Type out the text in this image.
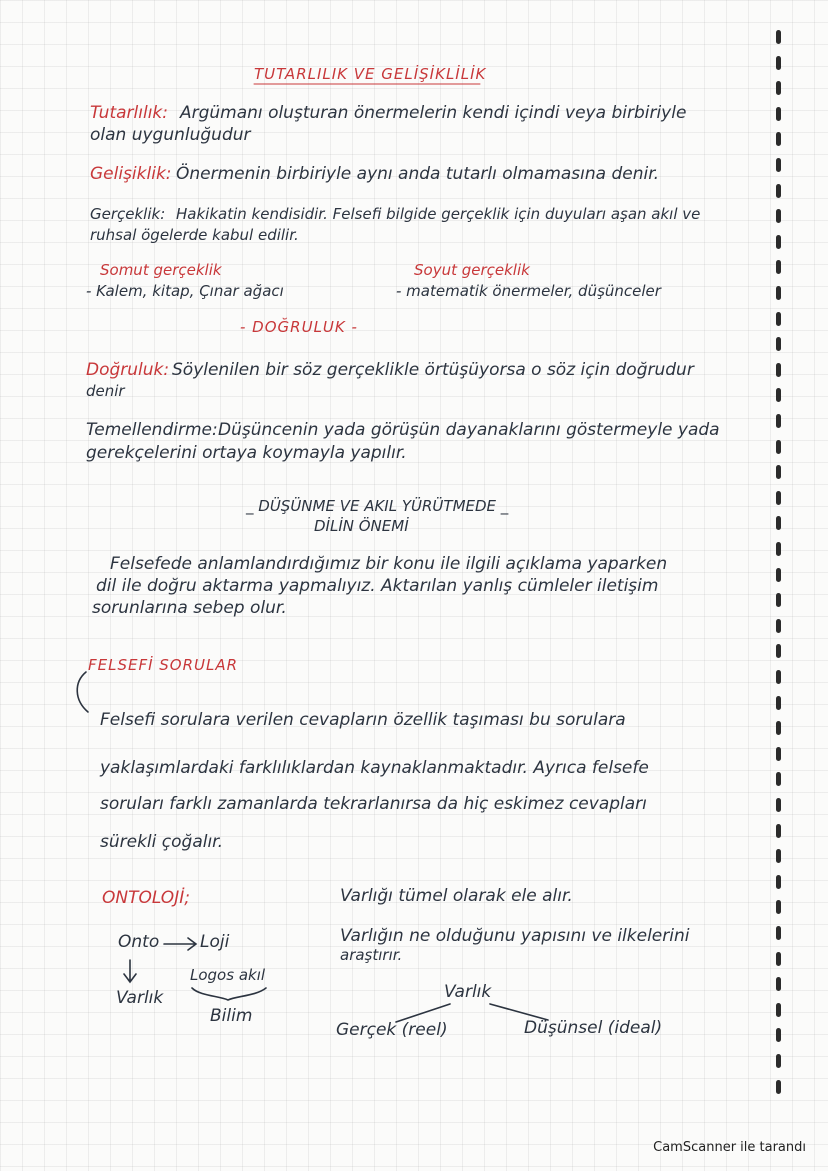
TUTARLILIK VE GELİŞİKLİLİK
Tutarlılık: Argümanı oluşturan önermelerin kendi içindi veya birbiriyle
olan uygunluğudur
Gelişiklik: Önermenin birbiriyle aynı anda tutarlı olmamasına denir.
Gerçeklik: Hakikatin kendisidir. Felsefi bilgide gerçeklik için duyuları aşan akıl ve
ruhsal ögelerde kabul edilir.
Somut gerçeklik
- Kalem, kitap, Çınar ağacı
Soyut gerçeklik
- matematik önermeler, düşünceler
- DOĞRULUK -
Doğruluk: Söylenilen bir söz gerçeklikle örtüşüyorsa o söz için doğrudur
denir
Temellendirme: Düşüncenin yada görüşün dayanaklarını göstermeyle yada
gerekçelerini ortaya koymayla yapılır.
_ DÜŞÜNME VE AKIL YÜRÜTMEDE _
DİLİN ÖNEMİ
Felsefede anlamlandırdığımız bir konu ile ilgili açıklama yaparken
dil ile doğru aktarma yapmalıyız. Aktarılan yanlış cümleler iletişim
sorunlarına sebep olur.
FELSEFİ SORULAR
Felsefi sorulara verilen cevapların özellik taşıması bu sorulara
yaklaşımlardaki farklılıklardan kaynaklanmaktadır. Ayrıca felsefe
soruları farklı zamanlarda tekrarlanırsa da hiç eskimez cevapları
sürekli çoğalır.
ONTOLOJİ;
Onto Loji
Logos akıl
Varlık
Bilim
Varlığı tümel olarak ele alır.
Varlığın ne olduğunu yapısını ve ilkelerini
araştırır.
Varlık
Gerçek (reel)	Düşünsel (ideal)
CamScanner ile tarandı
